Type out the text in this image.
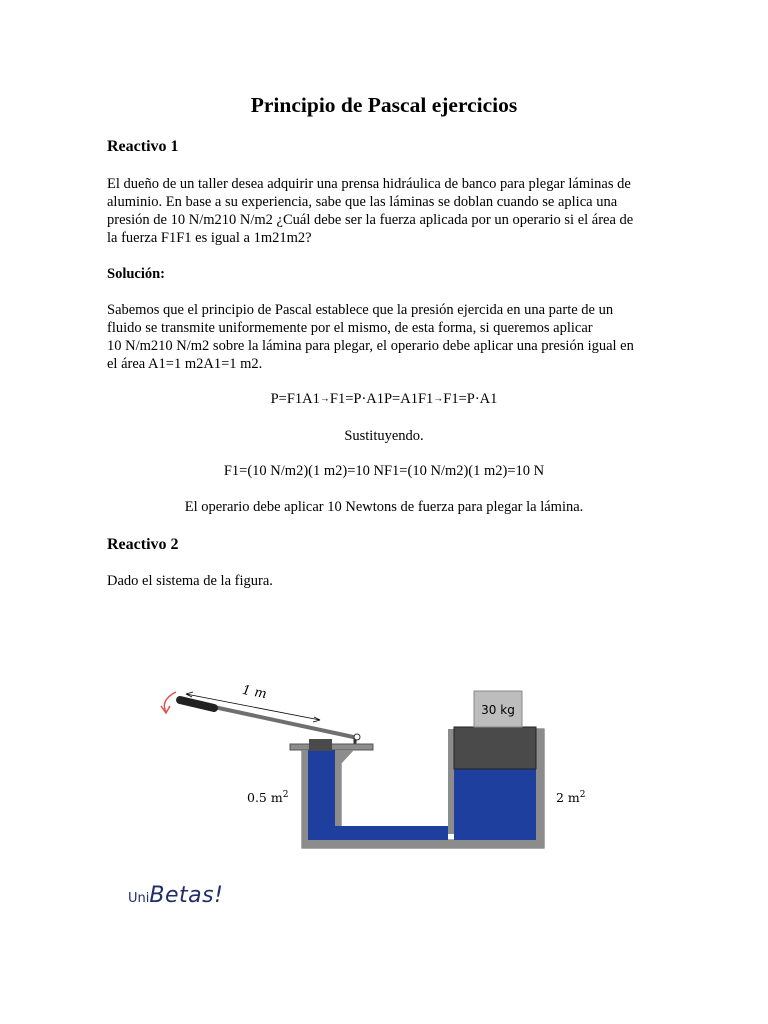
Principio de Pascal ejercicios
Reactivo 1
El dueño de un taller desea adquirir una prensa hidráulica de banco para plegar láminas de
aluminio. En base a su experiencia, sabe que las láminas se doblan cuando se aplica una
presión de 10 N/m210 N/m2 ¿Cuál debe ser la fuerza aplicada por un operario si el área de
la fuerza F1F1 es igual a 1m21m2?
Solución:
Sabemos que el principio de Pascal establece que la presión ejercida en una parte de un
fluido se transmite uniformemente por el mismo, de esta forma, si queremos aplicar
10 N/m210 N/m2 sobre la lámina para plegar, el operario debe aplicar una presión igual en
el área A1=1 m2A1=1 m2.
P=F1A1→F1=P·A1P=A1F1→F1=P·A1
Sustituyendo.
F1=(10 N/m2)(1 m2)=10 NF1=(10 N/m2)(1 m2)=10 N
El operario debe aplicar 10 Newtons de fuerza para plegar la lámina.
Reactivo 2
Dado el sistema de la figura.
1 m
30 kg
0.5 $m^2$	2 $m^2$
UniBetas!
